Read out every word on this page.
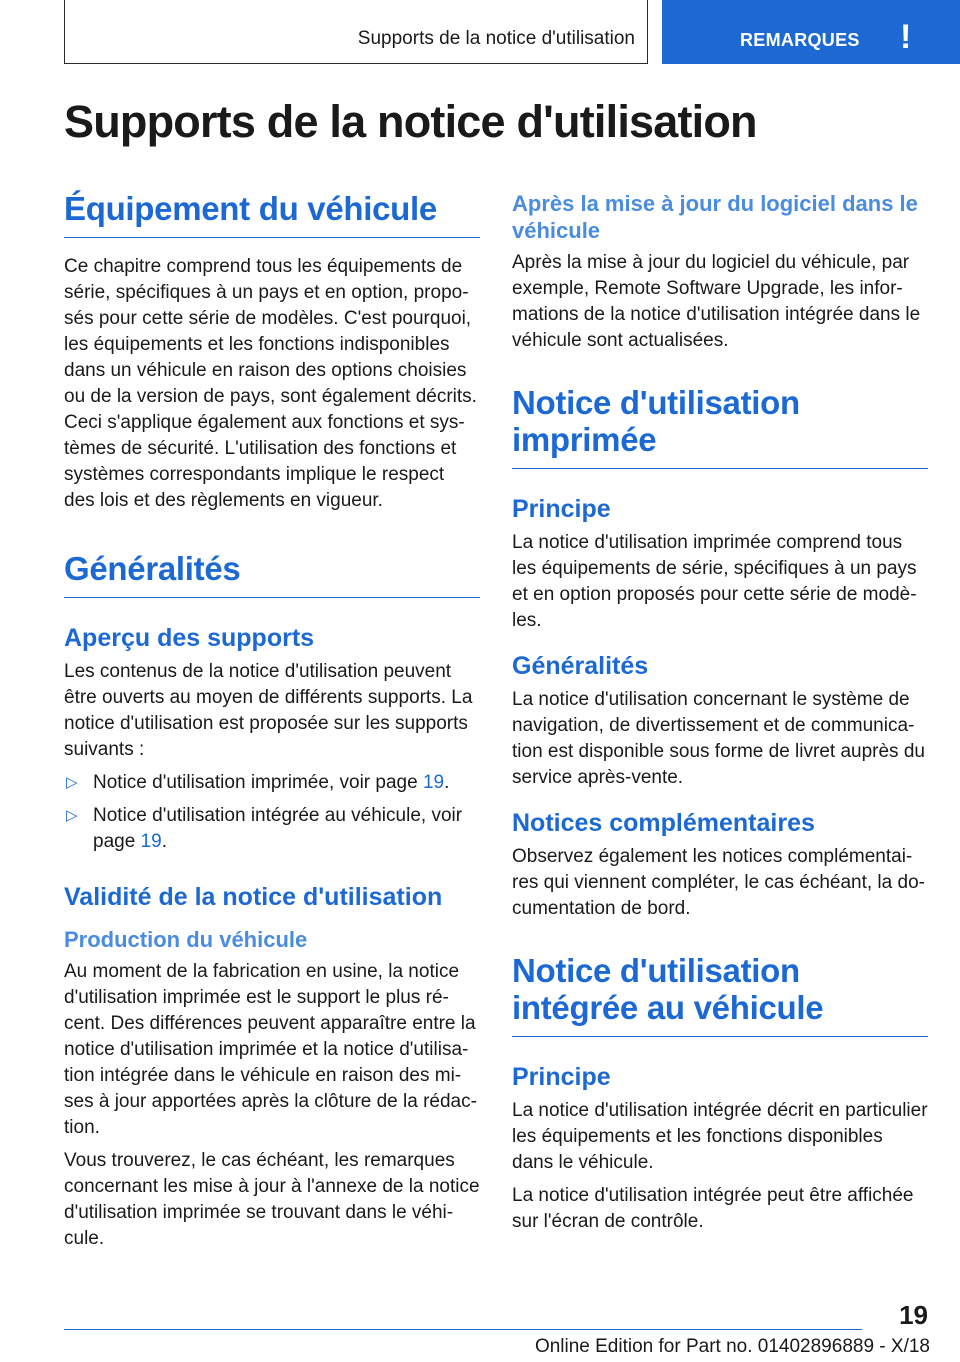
Supports de la notice d'utilisation	REMARQUES !
Supports de la notice d'utilisation
Équipement du véhicule

Ce chapitre comprend tous les équipements de série, spécifiques à un pays et en option, proposés pour cette série de modèles. C'est pourquoi, les équipements et les fonctions indisponibles dans un véhicule en raison des options choisies ou de la version de pays, sont également décrits. Ceci s'applique également aux fonctions et systèmes de sécurité. L'utilisation des fonctions et systèmes correspondants implique le respect des lois et des règlements en vigueur.

Généralités
Aperçu des supports

Les contenus de la notice d'utilisation peuvent être ouverts au moyen de différents supports. La notice d'utilisation est proposée sur les supports suivants :

▷ Notice d'utilisation imprimée, voir page 19.
▷ Notice d'utilisation intégrée au véhicule, voir page 19.
Validité de la notice d'utilisation
Production du véhicule

Au moment de la fabrication en usine, la notice d'utilisation imprimée est le support le plus récent. Des différences peuvent apparaître entre la notice d'utilisation imprimée et la notice d'utilisation intégrée dans le véhicule en raison des mises à jour apportées après la clôture de la rédaction.

Vous trouverez, le cas échéant, les remarques concernant les mise à jour à l'annexe de la notice d'utilisation imprimée se trouvant dans le véhicule.

Après la mise à jour du logiciel dans le véhicule

Après la mise à jour du logiciel du véhicule, par exemple, Remote Software Upgrade, les informations de la notice d'utilisation intégrée dans le véhicule sont actualisées.

Notice d'utilisation imprimée
Principe

La notice d'utilisation imprimée comprend tous les équipements de série, spécifiques à un pays et en option proposés pour cette série de modèles.

Généralités

La notice d'utilisation concernant le système de navigation, de divertissement et de communication est disponible sous forme de livret auprès du service après-vente.

Notices complémentaires

Observez également les notices complémentaires qui viennent compléter, le cas échéant, la documentation de bord.

Notice d'utilisation intégrée au véhicule
Principe

La notice d'utilisation intégrée décrit en particulier les équipements et les fonctions disponibles dans le véhicule.

La notice d'utilisation intégrée peut être affichée sur l'écran de contrôle.

19
Online Edition for Part no. 01402896889 - X/18
